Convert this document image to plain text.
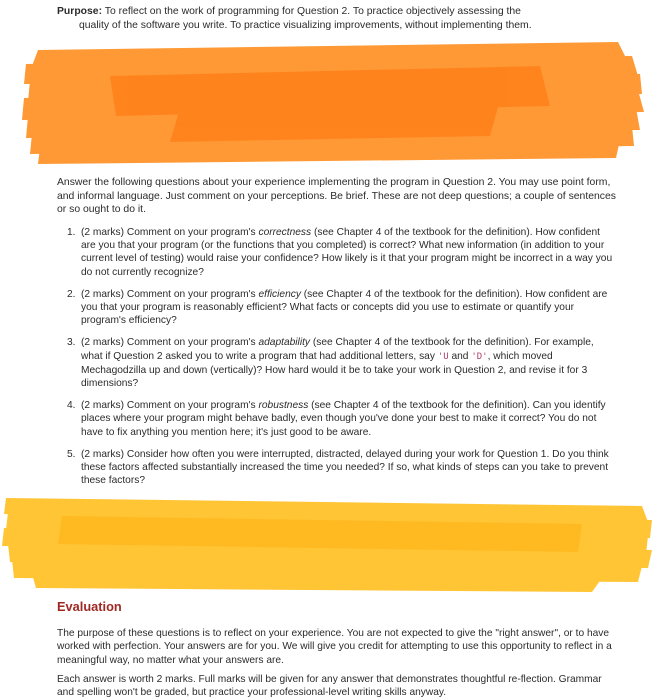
Purpose: To reflect on the work of programming for Question 2. To practice objectively assessing the
quality of the software you write. To practice visualizing improvements, without implementing them.
Answer the following questions about your experience implementing the program in Question 2. You may use point form, and informal language. Just comment on your perceptions. Be brief. These are not deep questions; a couple of sentences or so ought to do it.
1. (2 marks) Comment on your program's correctness (see Chapter 4 of the textbook for the definition). How confident are you that your program (or the functions that you completed) is correct? What new information (in addition to your current level of testing) would raise your confidence? How likely is it that your program might be incorrect in a way you do not currently recognize?
2. (2 marks) Comment on your program's efficiency (see Chapter 4 of the textbook for the definition). How confident are you that your program is reasonably efficient? What facts or concepts did you use to estimate or quantify your program's efficiency?
3. (2 marks) Comment on your program's adaptability (see Chapter 4 of the textbook for the definition). For example, what if Question 2 asked you to write a program that had additional letters, say 'U and 'D', which moved Mechagodzilla up and down (vertically)? How hard would it be to take your work in Question 2, and revise it for 3 dimensions?
4. (2 marks) Comment on your program's robustness (see Chapter 4 of the textbook for the definition). Can you identify places where your program might behave badly, even though you've done your best to make it correct? You do not have to fix anything you mention here; it's just good to be aware.
5. (2 marks) Consider how often you were interrupted, distracted, delayed during your work for Question 1. Do you think these factors affected substantially increased the time you needed? If so, what kinds of steps can you take to prevent these factors?
Evaluation
The purpose of these questions is to reflect on your experience. You are not expected to give the "right answer", or to have worked with perfection. Your answers are for you. We will give you credit for attempting to use this opportunity to reflect in a meaningful way, no matter what your answers are.
Each answer is worth 2 marks. Full marks will be given for any answer that demonstrates thoughtful re-flection. Grammar and spelling won't be graded, but practice your professional-level writing skills anyway.
